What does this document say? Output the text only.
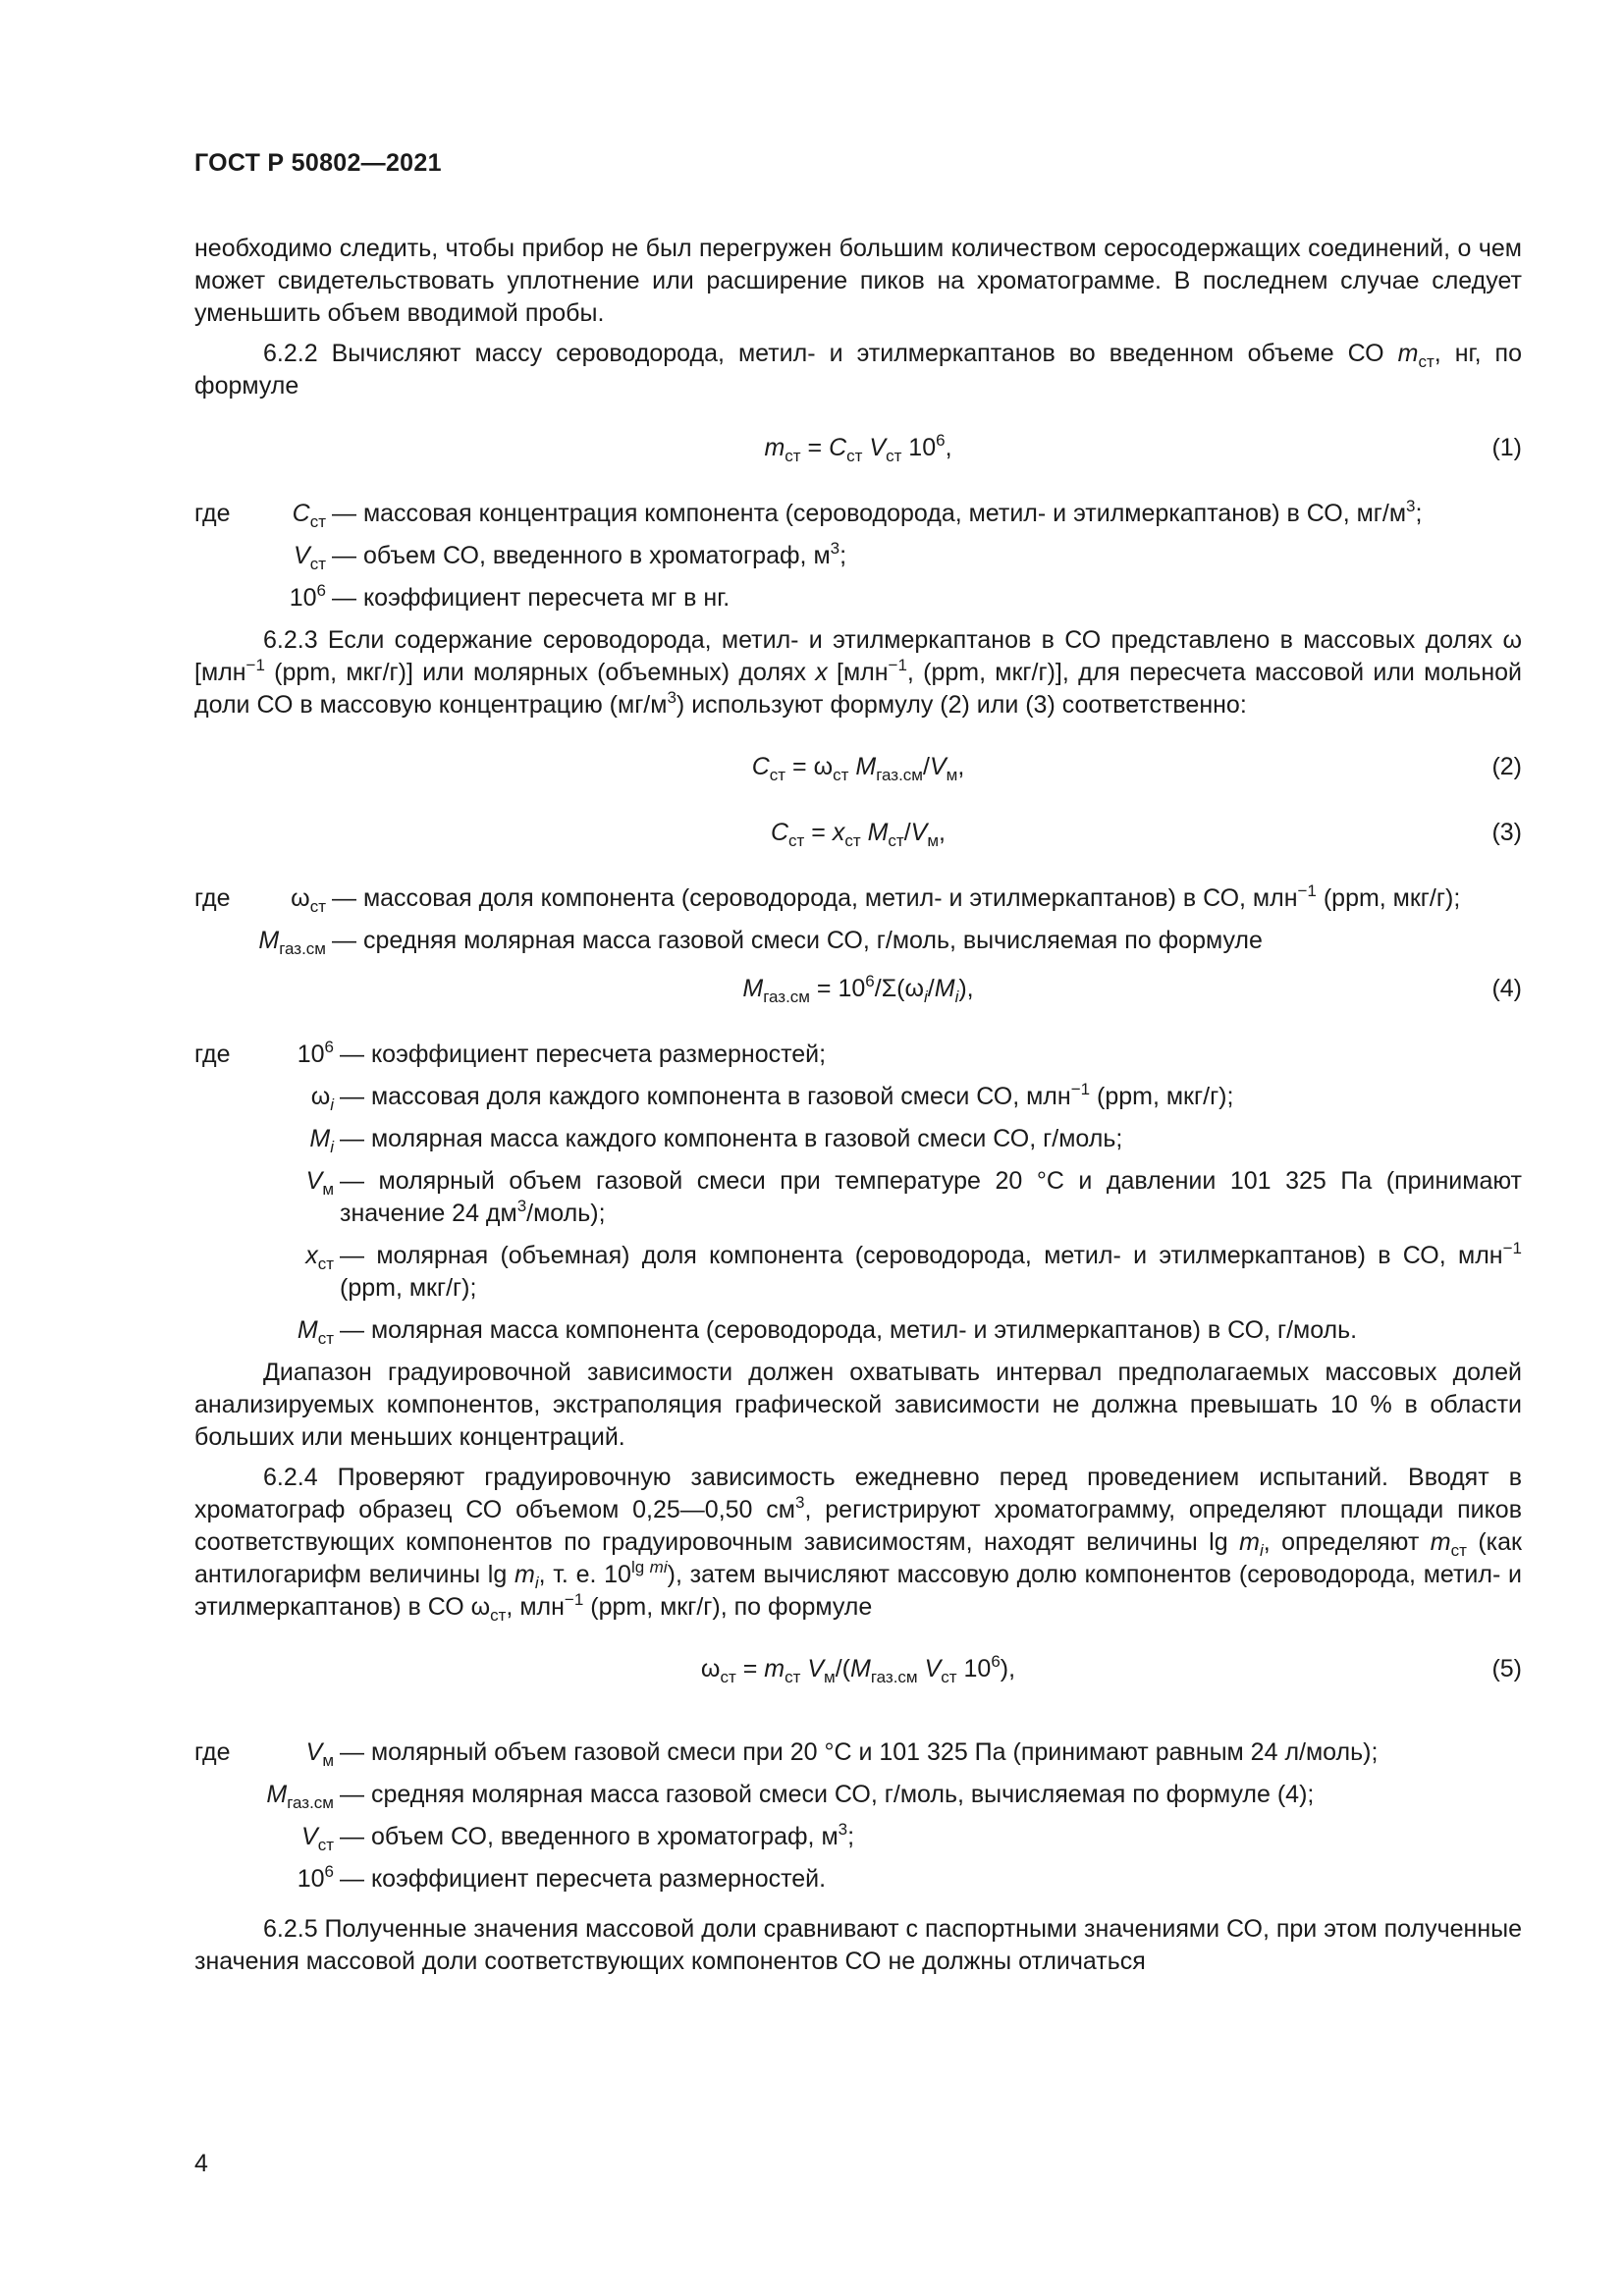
ГОСТ Р 50802—2021

необходимо следить, чтобы прибор не был перегружен большим количеством серосодержащих соединений, о чем может свидетельствовать уплотнение или расширение пиков на хроматограмме. В последнем случае следует уменьшить объем вводимой пробы.

6.2.2 Вычисляют массу сероводорода, метил- и этилмеркаптанов во введенном объеме СО $m_{ст}$, нг, по формуле

$m_{ст} = C_{ст}$ $V_{ст}$ $10^6$,	(1)
где	$C_{ст}$ — массовая концентрация компонента (сероводорода, метил- и этилмеркаптанов) в СО, $мг/м^3$;
$V_{ст}$ — объем СО, введенного в хроматограф, $м^3$;
$10^6$ — коэффициент пересчета мг в нг.

6.2.3 Если содержание сероводорода, метил- и этилмеркаптанов в СО представлено в массовых долях ω [млн$^{-1}$ (ppm, мкг/г)] или молярных (объемных) долях x [млн$^{-1}$, (ppm, мкг/г)], для пересчета массовой или мольной доли СО в массовую концентрацию $(мг/м^3)$ используют формулу (2) или (3) соответственно:

$C_{ст} = \omega_{ст}$ $M_{газ.см}/V_м$,	(2)
$C_{ст} = x_{ст}$ $M_{ст}/V_м$,	(3)
где $\omega_{ст}$ — массовая доля компонента (сероводорода, метил- и этилмеркаптанов) в СО, млн$^{-1}$ (ppm, мкг/г);
$M_{газ.см}$ — средняя молярная масса газовой смеси СО, г/моль, вычисляемая по формуле
$M_{газ.см} = 10^6/\Sigma(\omega_i/M_i)$,	(4)
где	$10^6$ — коэффициент пересчета размерностей;
$\omega_i$ — массовая доля каждого компонента в газовой смеси СО, млн$^{-1}$ (ppm, мкг/г);
$M_i$ — молярная масса каждого компонента в газовой смеси СО, г/моль;
$V_м$ — молярный объем газовой смеси при температуре 20 °С и давлении 101 325 Па (принимают значение 24 $дм^3/моль$);
$x_{ст}$ — молярная (объемная) доля компонента (сероводорода, метил- и этилмеркаптанов) в СО, млн$^{-1}$ (ppm, мкг/г);
$M_{ст}$ — молярная масса компонента (сероводорода, метил- и этилмеркаптанов) в СО, г/моль.

Диапазон градуировочной зависимости должен охватывать интервал предполагаемых массовых долей анализируемых компонентов, экстраполяция графической зависимости не должна превышать 10 % в области больших или меньших концентраций.

6.2.4 Проверяют градуировочную зависимость ежедневно перед проведением испытаний. Вводят в хроматограф образец СО объемом 0,25—0,50 $см^3$, регистрируют хроматограмму, определяют площади пиков соответствующих компонентов по градуировочным зависимостям, находят величины $\lg m_i$, определяют $m_{ст}$ (как антилогарифм величины $\lg m_i$, т. е. $10^{lg mi}$), затем вычисляют массовую долю компонентов (сероводорода, метил- и этилмеркаптанов) в СО $\omega_{ст}$, млн$^{-1}$ (ppm, мкг/г), по формуле

$\omega_{ст} = m_{ст}$ $V_м/(M_{газ.см}$ $V_{ст}$ $10^6$),	(5)
где	$V_м$ — молярный объем газовой смеси при 20 °С и 101 325 Па (принимают равным 24 л/моль);
$M_{газ.см}$ — средняя молярная масса газовой смеси СО, г/моль, вычисляемая по формуле (4);
$V_{ст}$ — объем СО, введенного в хроматограф, $м^3$;
$10^6$ — коэффициент пересчета размерностей.

6.2.5 Полученные значения массовой доли сравнивают с паспортными значениями СО, при этом полученные значения массовой доли соответствующих компонентов СО не должны отличаться

4
